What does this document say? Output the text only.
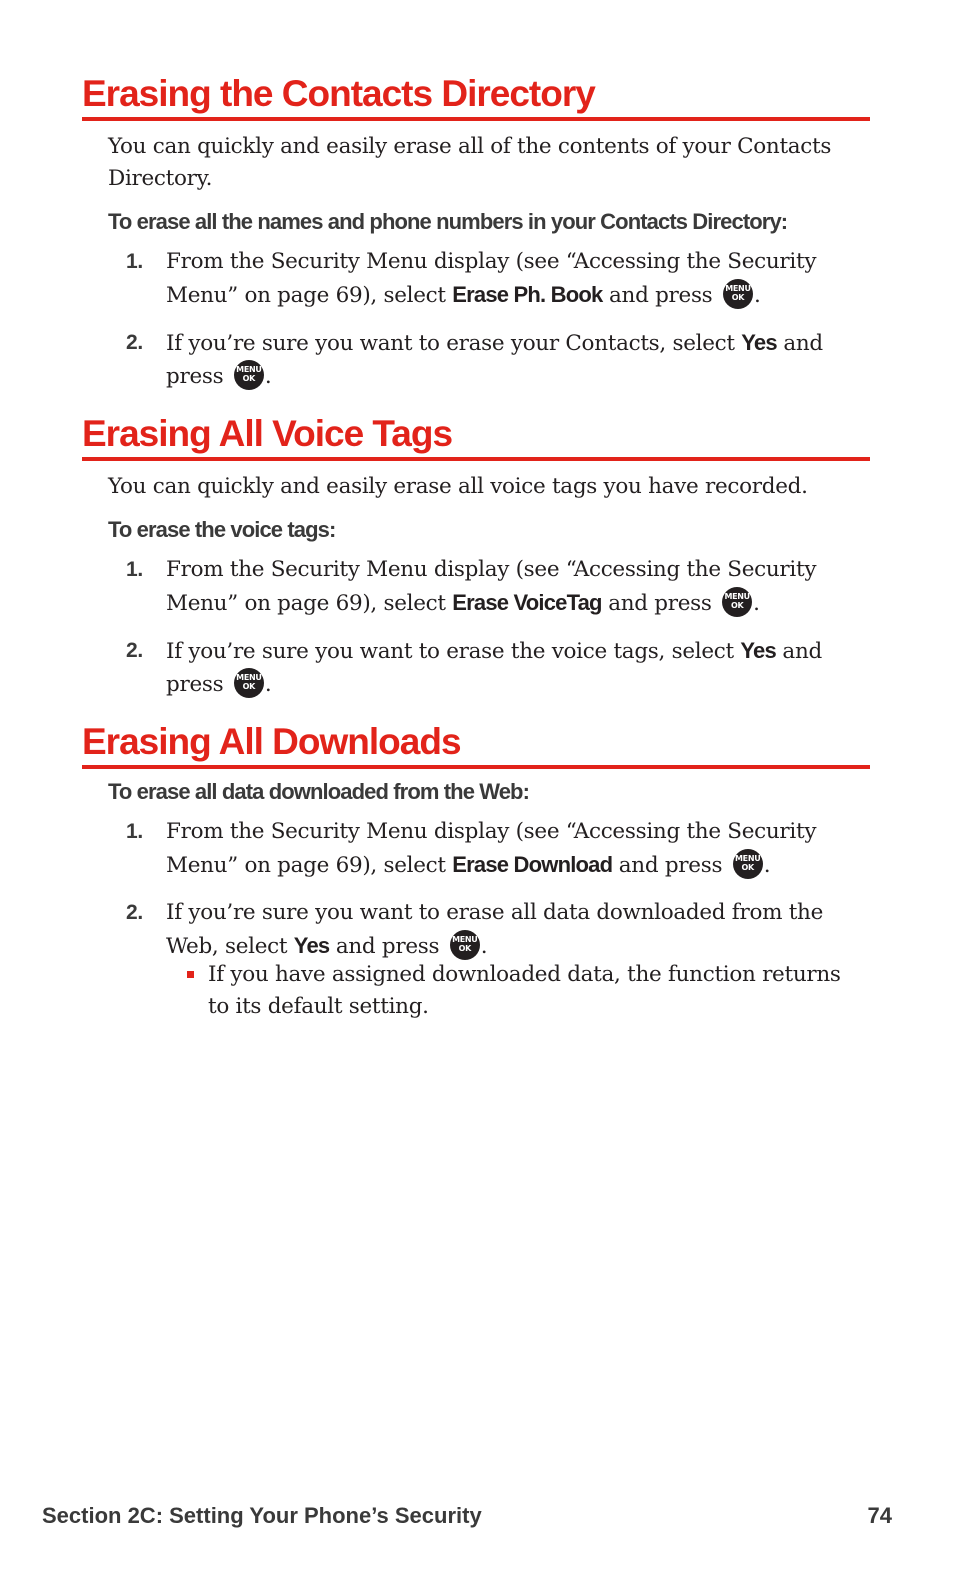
Erasing the Contacts Directory

You can quickly and easily erase all of the contents of your Contacts Directory.

To erase all the names and phone numbers in your Contacts Directory:

1. From the Security Menu display (see “Accessing the Security Menu” on page 69), select Erase Ph. Book and press MENU
OK .
2. If you’re sure you want to erase your Contacts, select Yes and press MENU
OK .
Erasing All Voice Tags

You can quickly and easily erase all voice tags you have recorded.

To erase the voice tags:

1. From the Security Menu display (see “Accessing the Security Menu” on page 69), select Erase VoiceTag and press MENU
OK .
2. If you’re sure you want to erase the voice tags, select Yes and press MENU
OK .
Erasing All Downloads

To erase all data downloaded from the Web:

1. From the Security Menu display (see “Accessing the Security Menu” on page 69), select Erase Download and press MENU
OK .
2. If you’re sure you want to erase all data downloaded from the Web, select Yes and press MENU
OK .
If you have assigned downloaded data, the function returns to its default setting.
Section 2C: Setting Your Phone’s Security	74
